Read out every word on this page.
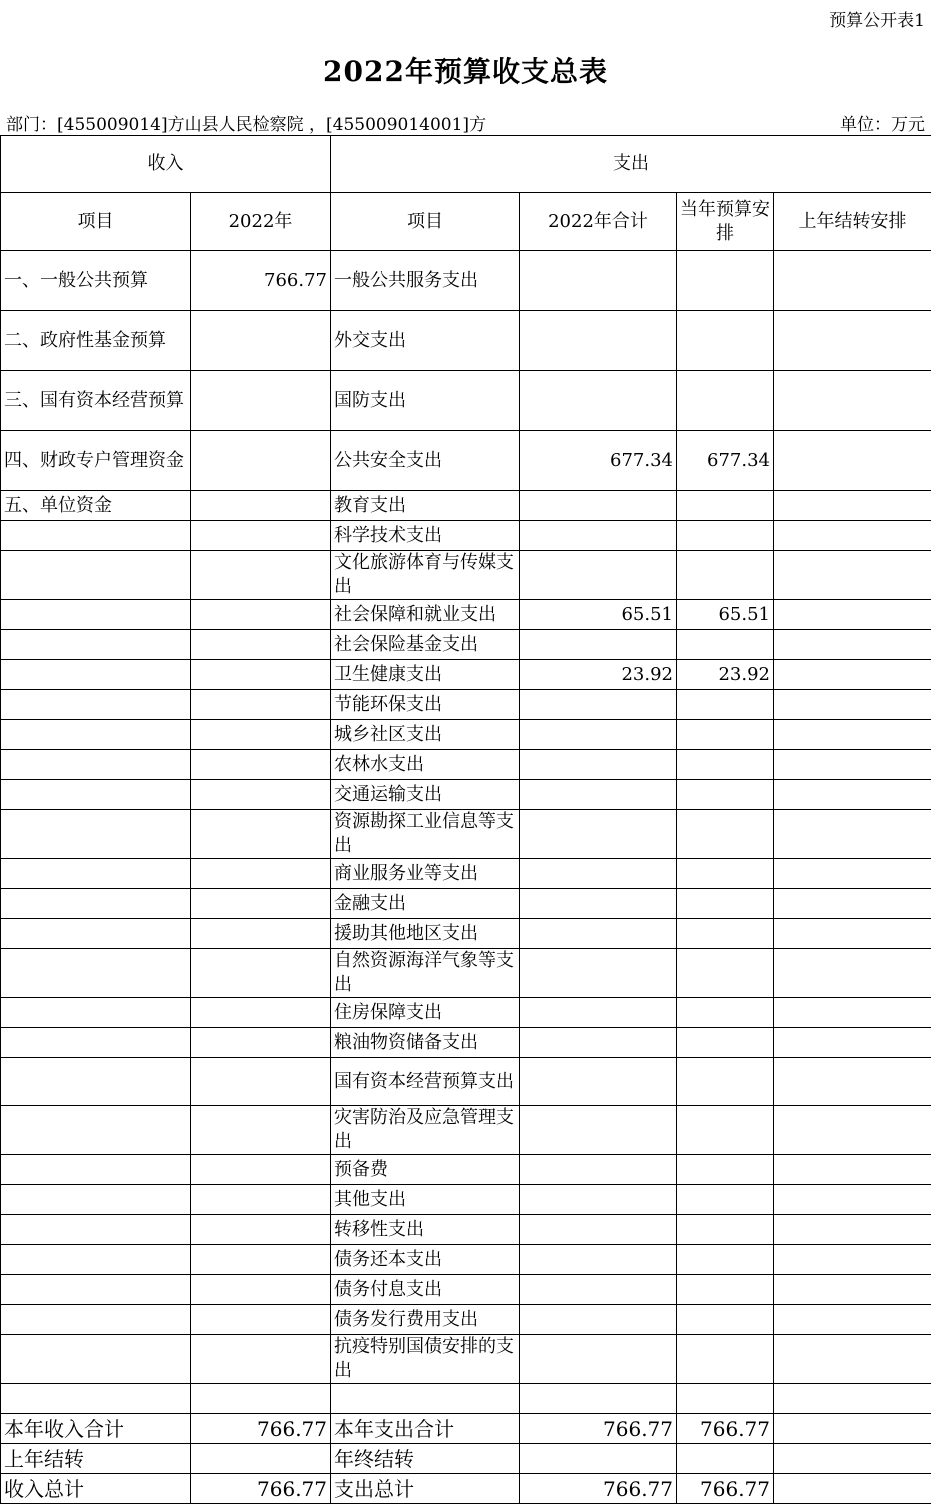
预算公开表1
2022年预算收支总表
部门：[455009014]方山县人民检察院 ，[455009014001]方	单位：万元
收入		支出			
项目	2022年	项目	2022年合计	当年预算安排	上年结转安排
一、一般公共预算	766.77	一般公共服务支出			
二、政府性基金预算		外交支出			
三、国有资本经营预算		国防支出			
四、财政专户管理资金		公共安全支出	677.34	677.34	
五、单位资金		教育支出			
		科学技术支出			
		文化旅游体育与传媒支出			
		社会保障和就业支出	65.51	65.51	
		社会保险基金支出			
		卫生健康支出	23.92	23.92	
		节能环保支出			
		城乡社区支出			
		农林水支出			
		交通运输支出			
		资源勘探工业信息等支出			
		商业服务业等支出			
		金融支出			
		援助其他地区支出			
		自然资源海洋气象等支出			
		住房保障支出			
		粮油物资储备支出			
		国有资本经营预算支出			
		灾害防治及应急管理支出			
		预备费			
		其他支出			
		转移性支出			
		债务还本支出			
		债务付息支出			
		债务发行费用支出			
		抗疫特别国债安排的支出			

本年收入合计	766.77	本年支出合计	766.77	766.77	
上年结转		年终结转			
收入总计	766.77	支出总计	766.77	766.77	
